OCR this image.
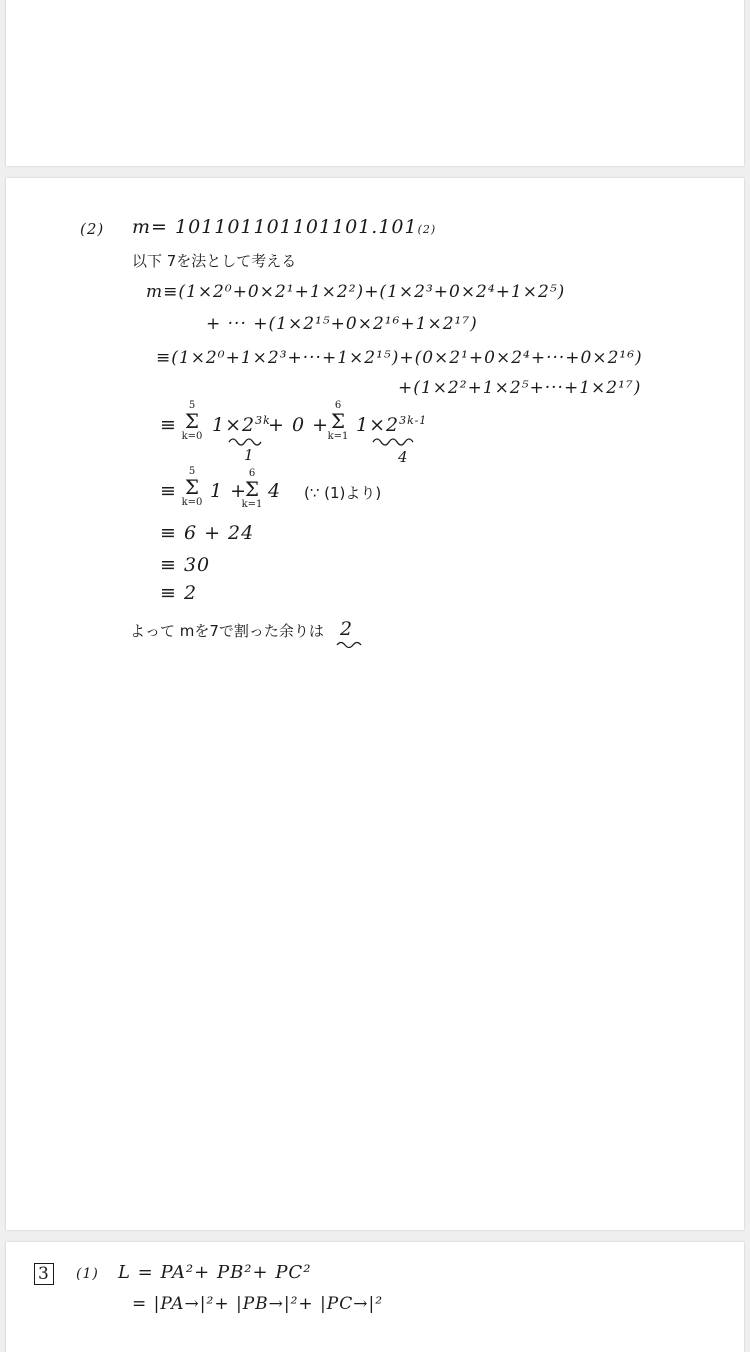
(2) m= 101101101101101.101(2)
以下 7を法として考える
m≡(1×2⁰+0×2¹+1×2²)+(1×2³+0×2⁴+1×2⁵)
+ ··· +(1×2¹⁵+0×2¹⁶+1×2¹⁷)
≡(1×2⁰+1×2³+···+1×2¹⁵)+(0×2¹+0×2⁴+···+0×2¹⁶)
+(1×2²+1×2⁵+···+1×2¹⁷)
≡
5
Σ
k=0
$1\times 2^{3k}$
+ 0 +
6
Σ
k=1
$1\times 2^{3k-1}$
1	4
≡
5
Σ
k=0
1 +
6
Σ
k=1
4 (∵ (1)より)
≡ 6 + 24
≡ 30
≡ 2
よって mを7で割った余りは 2
3 (1) L = PA²+ PB²+ PC²
= |PA→|²+ |PB→|²+ |PC→|²
